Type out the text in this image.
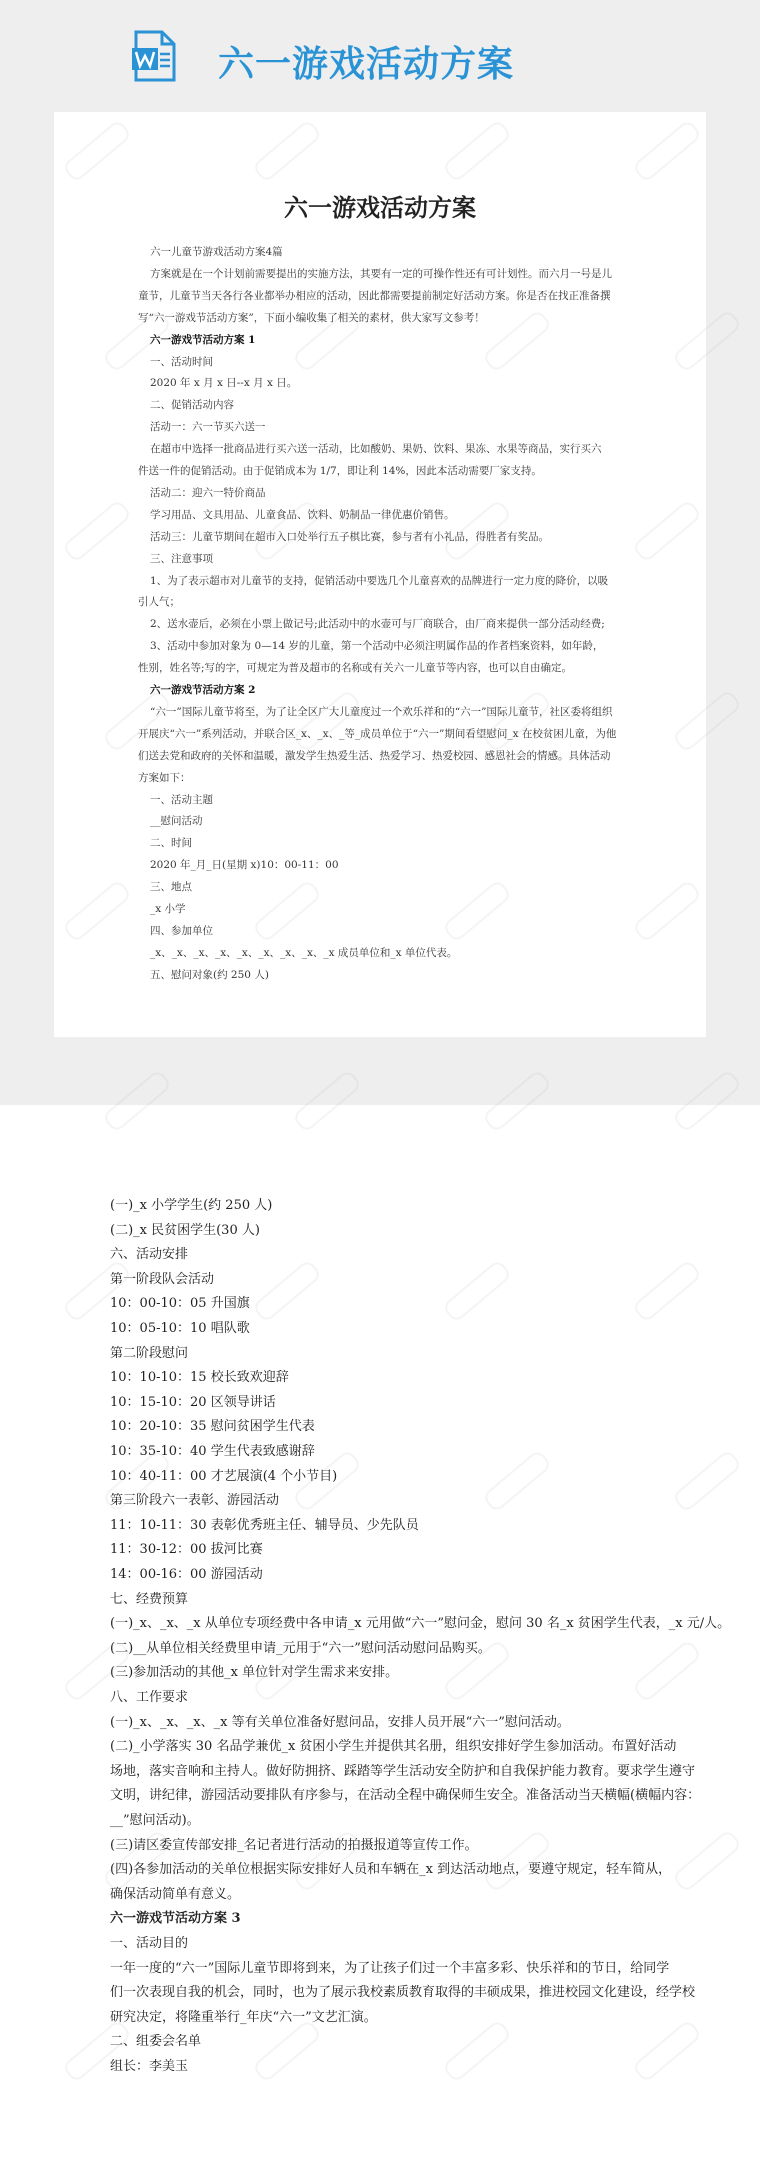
六一游戏活动方案
六一游戏活动方案
六一儿童节游戏活动方案4篇
方案就是在一个计划前需要提出的实施方法，其要有一定的可操作性还有可计划性。而六月一号是儿
童节，儿童节当天各行各业都举办相应的活动，因此都需要提前制定好活动方案。你是否在找正准备撰
写“六一游戏节活动方案”，下面小编收集了相关的素材，供大家写文参考！
六一游戏节活动方案 1
一、活动时间
2020 年 x 月 x 日--x 月 x 日。
二、促销活动内容
活动一：六一节买六送一
在超市中选择一批商品进行买六送一活动，比如酸奶、果奶、饮料、果冻、水果等商品，实行买六
件送一件的促销活动。由于促销成本为 1/7，即让利 14%，因此本活动需要厂家支持。
活动二：迎六一特价商品
学习用品、文具用品、儿童食品、饮料、奶制品一律优惠价销售。
活动三：儿童节期间在超市入口处举行五子棋比赛，参与者有小礼品，得胜者有奖品。
三、注意事项
1、为了表示超市对儿童节的支持，促销活动中要选几个儿童喜欢的品牌进行一定力度的降价，以吸
引人气；
2、送水壶后，必须在小票上做记号;此活动中的水壶可与厂商联合，由厂商来提供一部分活动经费;
3、活动中参加对象为 0—14 岁的儿童，第一个活动中必须注明属作品的作者档案资料，如年龄，
性别，姓名等;写的字，可规定为普及超市的名称或有关六一儿童节等内容，也可以自由确定。
六一游戏节活动方案 2
“六一”国际儿童节将至，为了让全区广大儿童度过一个欢乐祥和的“六一”国际儿童节，社区委将组织
开展庆“六一”系列活动，并联合区_x、_x、_等_成员单位于“六一”期间看望慰问_x 在校贫困儿童，为他
们送去党和政府的关怀和温暖，激发学生热爱生活、热爱学习、热爱校园、感恩社会的情感。具体活动
方案如下：
一、活动主题
__慰问活动
二、时间
2020 年_月_日(星期 x)10：00-11：00
三、地点
_x 小学
四、参加单位
_x、_x、_x、_x、_x、_x、_x、_x、_x 成员单位和_x 单位代表。
五、慰问对象(约 250 人)
(一)_x 小学学生(约 250 人)
(二)_x 民贫困学生(30 人)
六、活动安排
第一阶段队会活动
10：00-10：05 升国旗
10：05-10：10 唱队歌
第二阶段慰问
10：10-10：15 校长致欢迎辞
10：15-10：20 区领导讲话
10：20-10：35 慰问贫困学生代表
10：35-10：40 学生代表致感谢辞
10：40-11：00 才艺展演(4 个小节目)
第三阶段六一表彰、游园活动
11：10-11：30 表彰优秀班主任、辅导员、少先队员
11：30-12：00 拔河比赛
14：00-16：00 游园活动
七、经费预算
(一)_x、_x、_x 从单位专项经费中各申请_x 元用做“六一”慰问金，慰问 30 名_x 贫困学生代表，_x 元/人。
(二)__从单位相关经费里申请_元用于“六一”慰问活动慰问品购买。
(三)参加活动的其他_x 单位针对学生需求来安排。
八、工作要求
(一)_x、_x、_x、_x 等有关单位准备好慰问品，安排人员开展“六一”慰问活动。
(二)_小学落实 30 名品学兼优_x 贫困小学生并提供其名册，组织安排好学生参加活动。布置好活动
场地，落实音响和主持人。做好防拥挤、踩踏等学生活动安全防护和自我保护能力教育。要求学生遵守
文明，讲纪律，游园活动要排队有序参与，在活动全程中确保师生安全。准备活动当天横幅(横幅内容：
__”慰问活动)。
(三)请区委宣传部安排_名记者进行活动的拍摄报道等宣传工作。
(四)各参加活动的关单位根据实际安排好人员和车辆在_x 到达活动地点，要遵守规定，轻车简从，
确保活动简单有意义。
六一游戏节活动方案 3
一、活动目的
一年一度的“六一”国际儿童节即将到来，为了让孩子们过一个丰富多彩、快乐祥和的节日，给同学
们一次表现自我的机会，同时，也为了展示我校素质教育取得的丰硕成果，推进校园文化建设，经学校
研究决定，将隆重举行_年庆“六一”文艺汇演。
二、组委会名单
组长：李美玉
